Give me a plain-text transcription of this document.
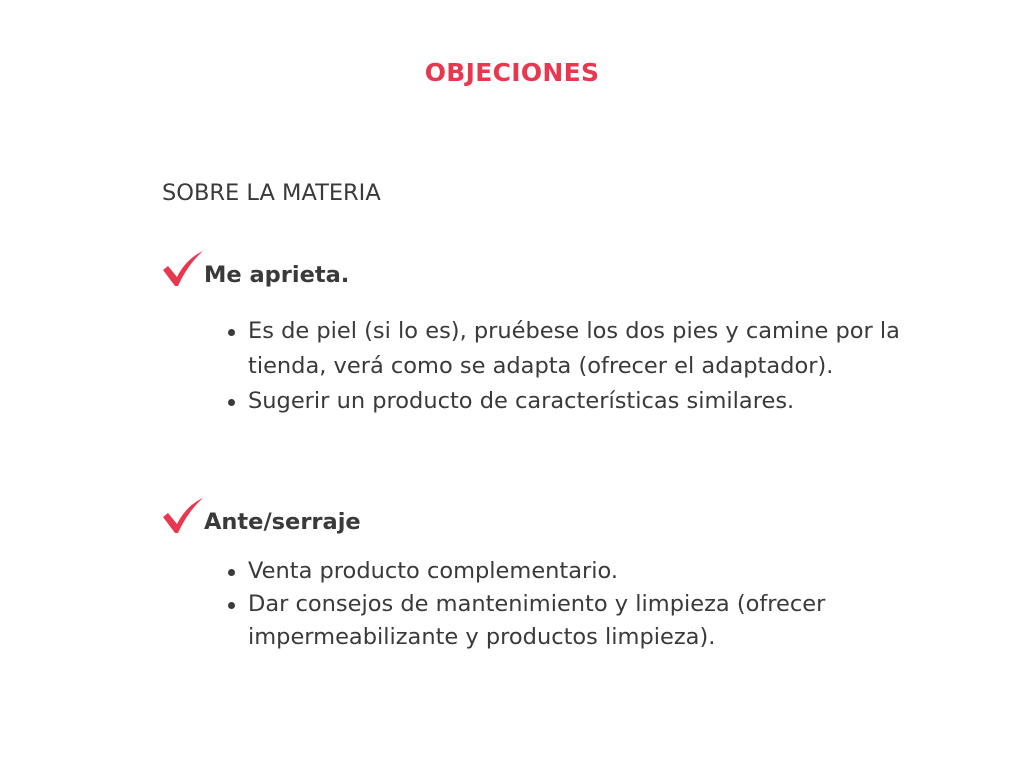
OBJECIONES
SOBRE LA MATERIA
Me aprieta.
Es de piel (si lo es), pruébese los dos pies y camine por la tienda, verá como se adapta (ofrecer el adaptador).
Sugerir un producto de características similares.
Ante/serraje
Venta producto complementario.
Dar consejos de mantenimiento y limpieza (ofrecer impermeabilizante y productos limpieza).
